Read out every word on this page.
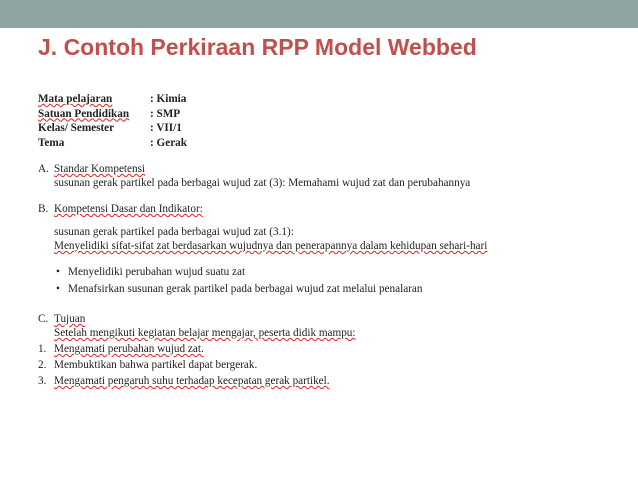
J. Contoh Perkiraan RPP Model Webbed
Mata pelajaran	: Kimia
Satuan Pendidikan	: SMP
Kelas/ Semester	: VII/1
Tema	: Gerak
A. Standar Kompetensi
susunan gerak partikel pada berbagai wujud zat (3): Memahami wujud zat dan perubahannya
B. Kompetensi Dasar dan Indikator:
susunan gerak partikel pada berbagai wujud zat (3.1):
Menyelidiki sifat-sifat zat berdasarkan wujudnya dan penerapannya dalam kehidupan sehari-hari
• Menyelidiki perubahan wujud suatu zat
• Menafsirkan susunan gerak partikel pada berbagai wujud zat melalui penalaran
C. Tujuan
Setelah mengikuti kegiatan belajar mengajar, peserta didik mampu:
1. Mengamati perubahan wujud zat.
2. Membuktikan bahwa partikel dapat bergerak.
3. Mengamati pengaruh suhu terhadap kecepatan gerak partikel.
